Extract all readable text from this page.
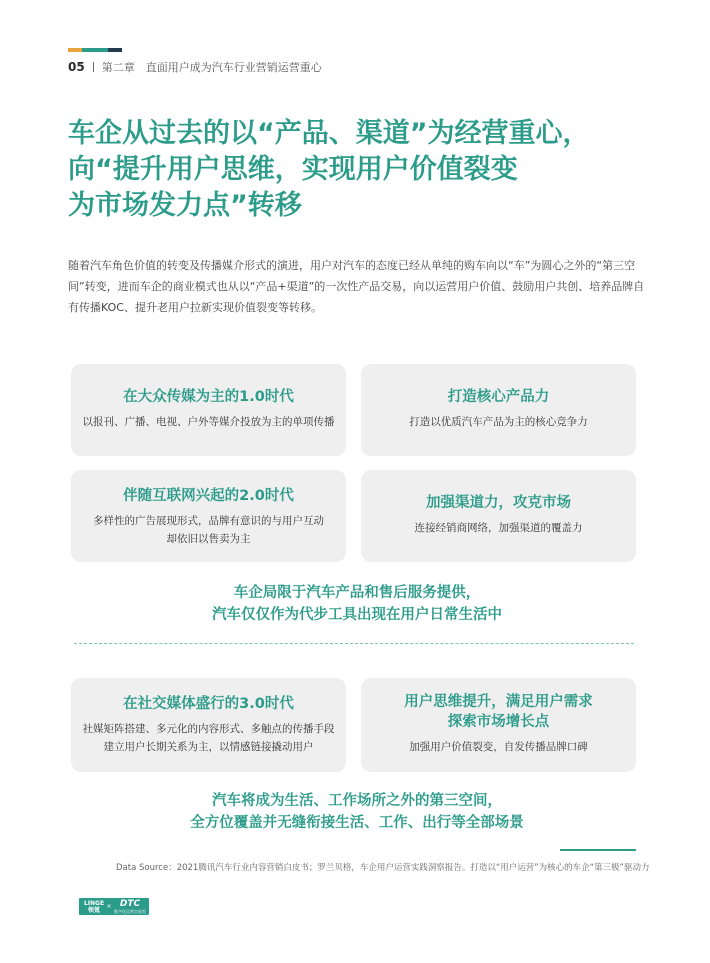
05 第二章　直面用户成为汽车行业营销运营重心
车企从过去的以“产品、渠道”为经营重心，
向“提升用户思维，实现用户价值裂变
为市场发力点”转移
随着汽车角色价值的转变及传播媒介形式的演进，用户对汽车的态度已经从单纯的购车向以“车”为圆心之外的“第三空间”转变，进而车企的商业模式也从以“产品+渠道”的一次性产品交易，向以运营用户价值、鼓励用户共创、培养品牌自有传播KOC、提升老用户拉新实现价值裂变等转移。
在大众传媒为主的1.0时代
以报刊、广播、电视、户外等媒介投放为主的单项传播
打造核心产品力
打造以优质汽车产品为主的核心竞争力
伴随互联网兴起的2.0时代
多样性的广告展现形式，品牌有意识的与用户互动
却依旧以售卖为主
加强渠道力，攻克市场
连接经销商网络，加强渠道的覆盖力
车企局限于汽车产品和售后服务提供，
汽车仅仅作为代步工具出现在用户日常生活中
在社交媒体盛行的3.0时代
社媒矩阵搭建、多元化的内容形式、多触点的传播手段
建立用户长期关系为主，以情感链接撬动用户
用户思维提升，满足用户需求
探索市场增长点
加强用户价值裂变，自发传播品牌口碑
汽车将成为生活、工作场所之外的第三空间，
全方位覆盖并无缝衔接生活、工作、出行等全部场景
Data Source：2021腾讯汽车行业内容营销白皮书；罗兰贝格，车企用户运营实践洞察报告。打造以“用户运营”为核心的车企“第三极”驱动力
LINGE
领氪	× DTC
数字化运营实验室
